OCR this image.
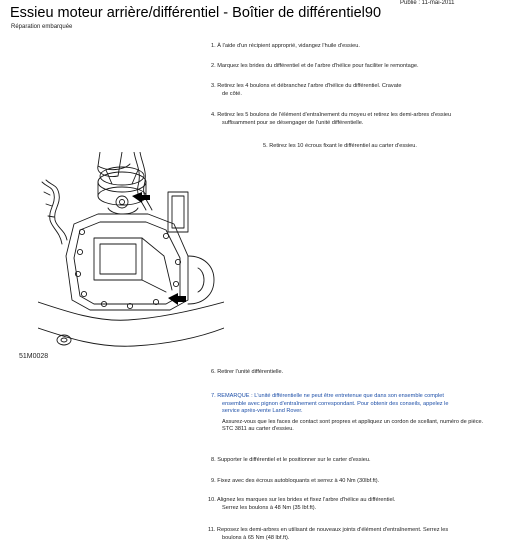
Publié : 11-mai-2011
Essieu moteur arrière/différentiel - Boîtier de différentiel90
Réparation embarquée
1. À l'aide d'un récipient approprié, vidangez l'huile d'essieu.
2. Marquez les brides du différentiel et de l'arbre d'hélice pour faciliter le remontage.
3. Retirez les 4 boulons et débranchez l'arbre d'hélice du différentiel. Cravate
de côté.
4. Retirez les 5 boulons de l'élément d'entraînement du moyeu et retirez les demi-arbres d'essieu
suffisamment pour se désengager de l'unité différentielle.
5. Retirez les 10 écrous fixant le différentiel au carter d'essieu.
51M0028
6. Retirer l'unité différentielle.
7. REMARQUE : L'unité différentielle ne peut être entretenue que dans son ensemble complet
ensemble avec pignon d'entraînement correspondant. Pour obtenir des conseils, appelez le
service après-vente Land Rover.
Assurez-vous que les faces de contact sont propres et appliquez un cordon de scellant, numéro de pièce.
STC 3811 au carter d'essieu.
8. Supporter le différentiel et le positionner sur le carter d'essieu.
9. Fixez avec des écrous autobloquants et serrez à 40 Nm (30lbf.ft).
10. Alignez les marques sur les brides et fixez l'arbre d'hélice au différentiel.
Serrez les boulons à 48 Nm (35 lbf.ft).
11. Reposez les demi-arbres en utilisant de nouveaux joints d'élément d'entraînement. Serrez les
boulons à 65 Nm (48 lbf.ft).
